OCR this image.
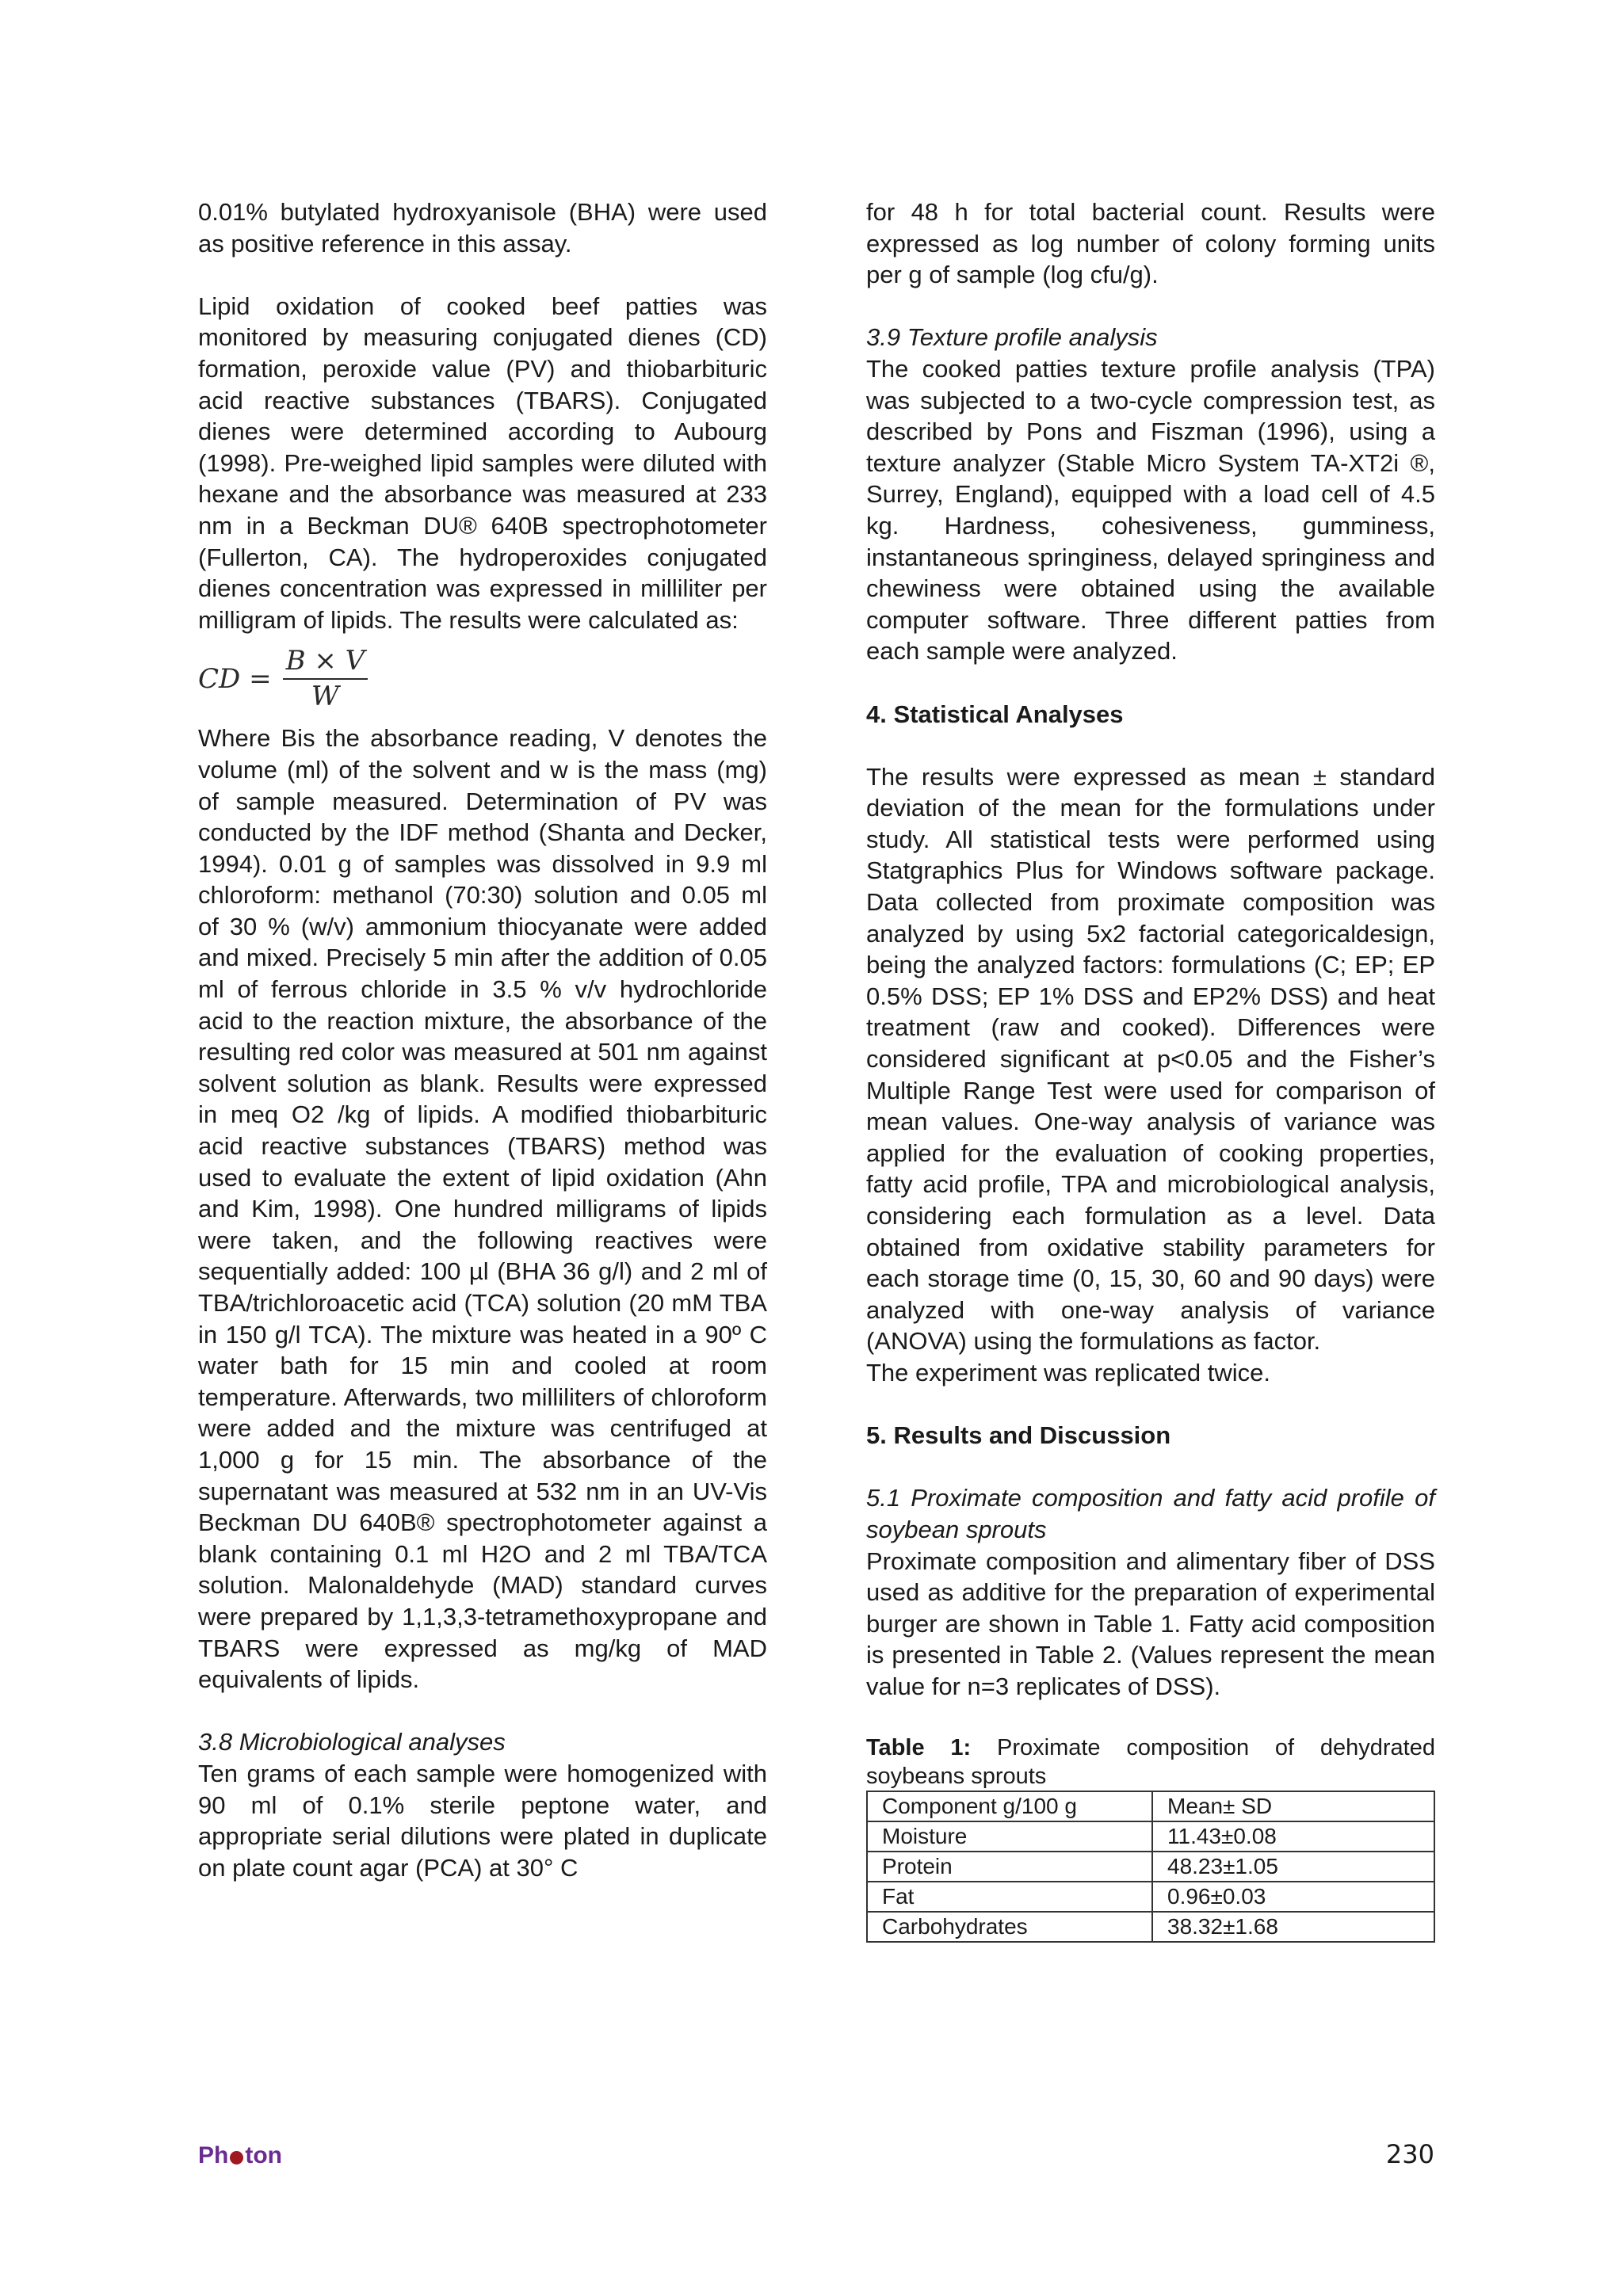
0.01% butylated hydroxyanisole (BHA) were used as positive reference in this assay.

Lipid oxidation of cooked beef patties was monitored by measuring conjugated dienes (CD) formation, peroxide value (PV) and thiobarbituric acid reactive substances (TBARS). Conjugated dienes were determined according to Aubourg (1998). Pre-weighed lipid samples were diluted with hexane and the absorbance was measured at 233 nm in a Beckman DU® 640B spectrophotometer (Fullerton, CA). The hydroperoxides conjugated dienes concentration was expressed in milliliter per milligram of lipids. The results were calculated as:

CD = $\frac{B \times V}{W}$

Where Bis the absorbance reading, V denotes the volume (ml) of the solvent and w is the mass (mg) of sample measured. Determination of PV was conducted by the IDF method (Shanta and Decker, 1994). 0.01 g of samples was dissolved in 9.9 ml chloroform: methanol (70:30) solution and 0.05 ml of 30 % (w/v) ammonium thiocyanate were added and mixed. Precisely 5 min after the addition of 0.05 ml of ferrous chloride in 3.5 % v/v hydrochloride acid to the reaction mixture, the absorbance of the resulting red color was measured at 501 nm against solvent solution as blank. Results were expressed in meq O2 /kg of lipids. A modified thiobarbituric acid reactive substances (TBARS) method was used to evaluate the extent of lipid oxidation (Ahn and Kim, 1998). One hundred milligrams of lipids were taken, and the following reactives were sequentially added: 100 µl (BHA 36 g/l) and 2 ml of TBA/trichloroacetic acid (TCA) solution (20 mM TBA in 150 g/l TCA). The mixture was heated in a 90º C water bath for 15 min and cooled at room temperature. Afterwards, two milliliters of chloroform were added and the mixture was centrifuged at 1,000 g for 15 min. The absorbance of the supernatant was measured at 532 nm in an UV-Vis Beckman DU 640B® spectrophotometer against a blank containing 0.1 ml H2O and 2 ml TBA/TCA solution. Malonaldehyde (MAD) standard curves were prepared by 1,1,3,3-tetramethoxypropane and TBARS were expressed as mg/kg of MAD equivalents of lipids.

3.8 Microbiological analyses

Ten grams of each sample were homogenized with 90 ml of 0.1% sterile peptone water, and appropriate serial dilutions were plated in duplicate on plate count agar (PCA) at 30° C

for 48 h for total bacterial count. Results were expressed as log number of colony forming units per g of sample (log cfu/g).

3.9 Texture profile analysis

The cooked patties texture profile analysis (TPA) was subjected to a two-cycle compression test, as described by Pons and Fiszman (1996), using a texture analyzer (Stable Micro System TA-XT2i ®, Surrey, England), equipped with a load cell of 4.5 kg. Hardness, cohesiveness, gumminess, instantaneous springiness, delayed springiness and chewiness were obtained using the available computer software. Three different patties from each sample were analyzed.

4. Statistical Analyses

The results were expressed as mean ± standard deviation of the mean for the formulations under study. All statistical tests were performed using Statgraphics Plus for Windows software package. Data collected from proximate composition was analyzed by using 5x2 factorial categoricaldesign, being the analyzed factors: formulations (C; EP; EP 0.5% DSS; EP 1% DSS and EP2% DSS) and heat treatment (raw and cooked). Differences were considered significant at p<0.05 and the Fisher’s Multiple Range Test were used for comparison of mean values. One-way analysis of variance was applied for the evaluation of cooking properties, fatty acid profile, TPA and microbiological analysis, considering each formulation as a level. Data obtained from oxidative stability parameters for each storage time (0, 15, 30, 60 and 90 days) were analyzed with one-way analysis of variance (ANOVA) using the formulations as factor.

The experiment was replicated twice.

5. Results and Discussion

5.1 Proximate composition and fatty acid profile of soybean sprouts

Proximate composition and alimentary fiber of DSS used as additive for the preparation of experimental burger are shown in Table 1. Fatty acid composition is presented in Table 2. (Values represent the mean value for n=3 replicates of DSS).

Table 1: Proximate composition of dehydrated soybeans sprouts

Component g/100 g	Mean± SD
Moisture	11.43±0.08
Protein	48.23±1.05
Fat	0.96±0.03
Carbohydrates	38.32±1.68
Ph ton	230
